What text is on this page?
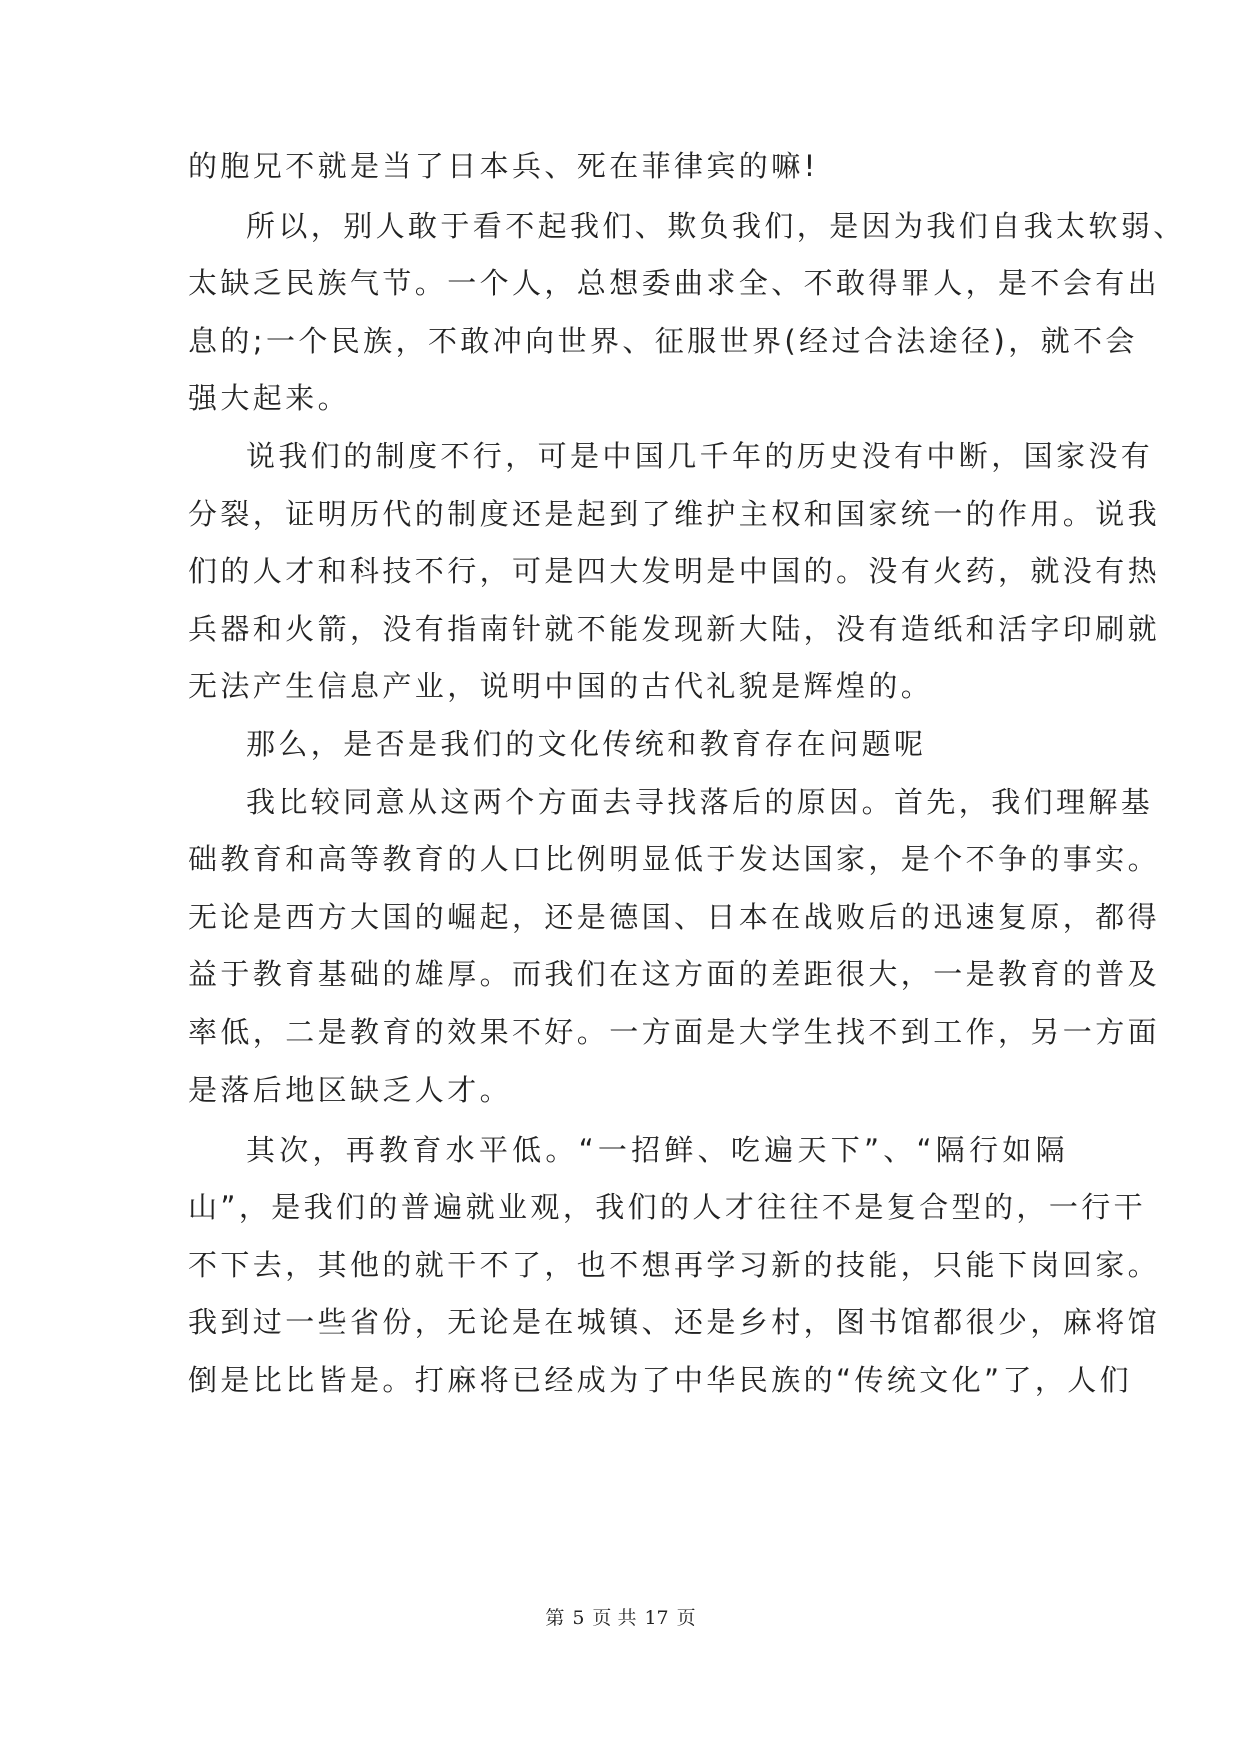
的胞兄不就是当了日本兵、死在菲律宾的嘛!
所以，别人敢于看不起我们、欺负我们，是因为我们自我太软弱、
太缺乏民族气节。一个人，总想委曲求全、不敢得罪人，是不会有出
息的;一个民族，不敢冲向世界、征服世界(经过合法途径)，就不会
强大起来。
说我们的制度不行，可是中国几千年的历史没有中断，国家没有
分裂，证明历代的制度还是起到了维护主权和国家统一的作用。说我
们的人才和科技不行，可是四大发明是中国的。没有火药，就没有热
兵器和火箭，没有指南针就不能发现新大陆，没有造纸和活字印刷就
无法产生信息产业，说明中国的古代礼貌是辉煌的。
那么，是否是我们的文化传统和教育存在问题呢
我比较同意从这两个方面去寻找落后的原因。首先，我们理解基
础教育和高等教育的人口比例明显低于发达国家，是个不争的事实。
无论是西方大国的崛起，还是德国、日本在战败后的迅速复原，都得
益于教育基础的雄厚。而我们在这方面的差距很大，一是教育的普及
率低，二是教育的效果不好。一方面是大学生找不到工作，另一方面
是落后地区缺乏人才。
其次，再教育水平低。“一招鲜、吃遍天下”、“隔行如隔
山”，是我们的普遍就业观，我们的人才往往不是复合型的，一行干
不下去，其他的就干不了，也不想再学习新的技能，只能下岗回家。
我到过一些省份，无论是在城镇、还是乡村，图书馆都很少，麻将馆
倒是比比皆是。打麻将已经成为了中华民族的“传统文化”了，人们
第 5 页 共 17 页
